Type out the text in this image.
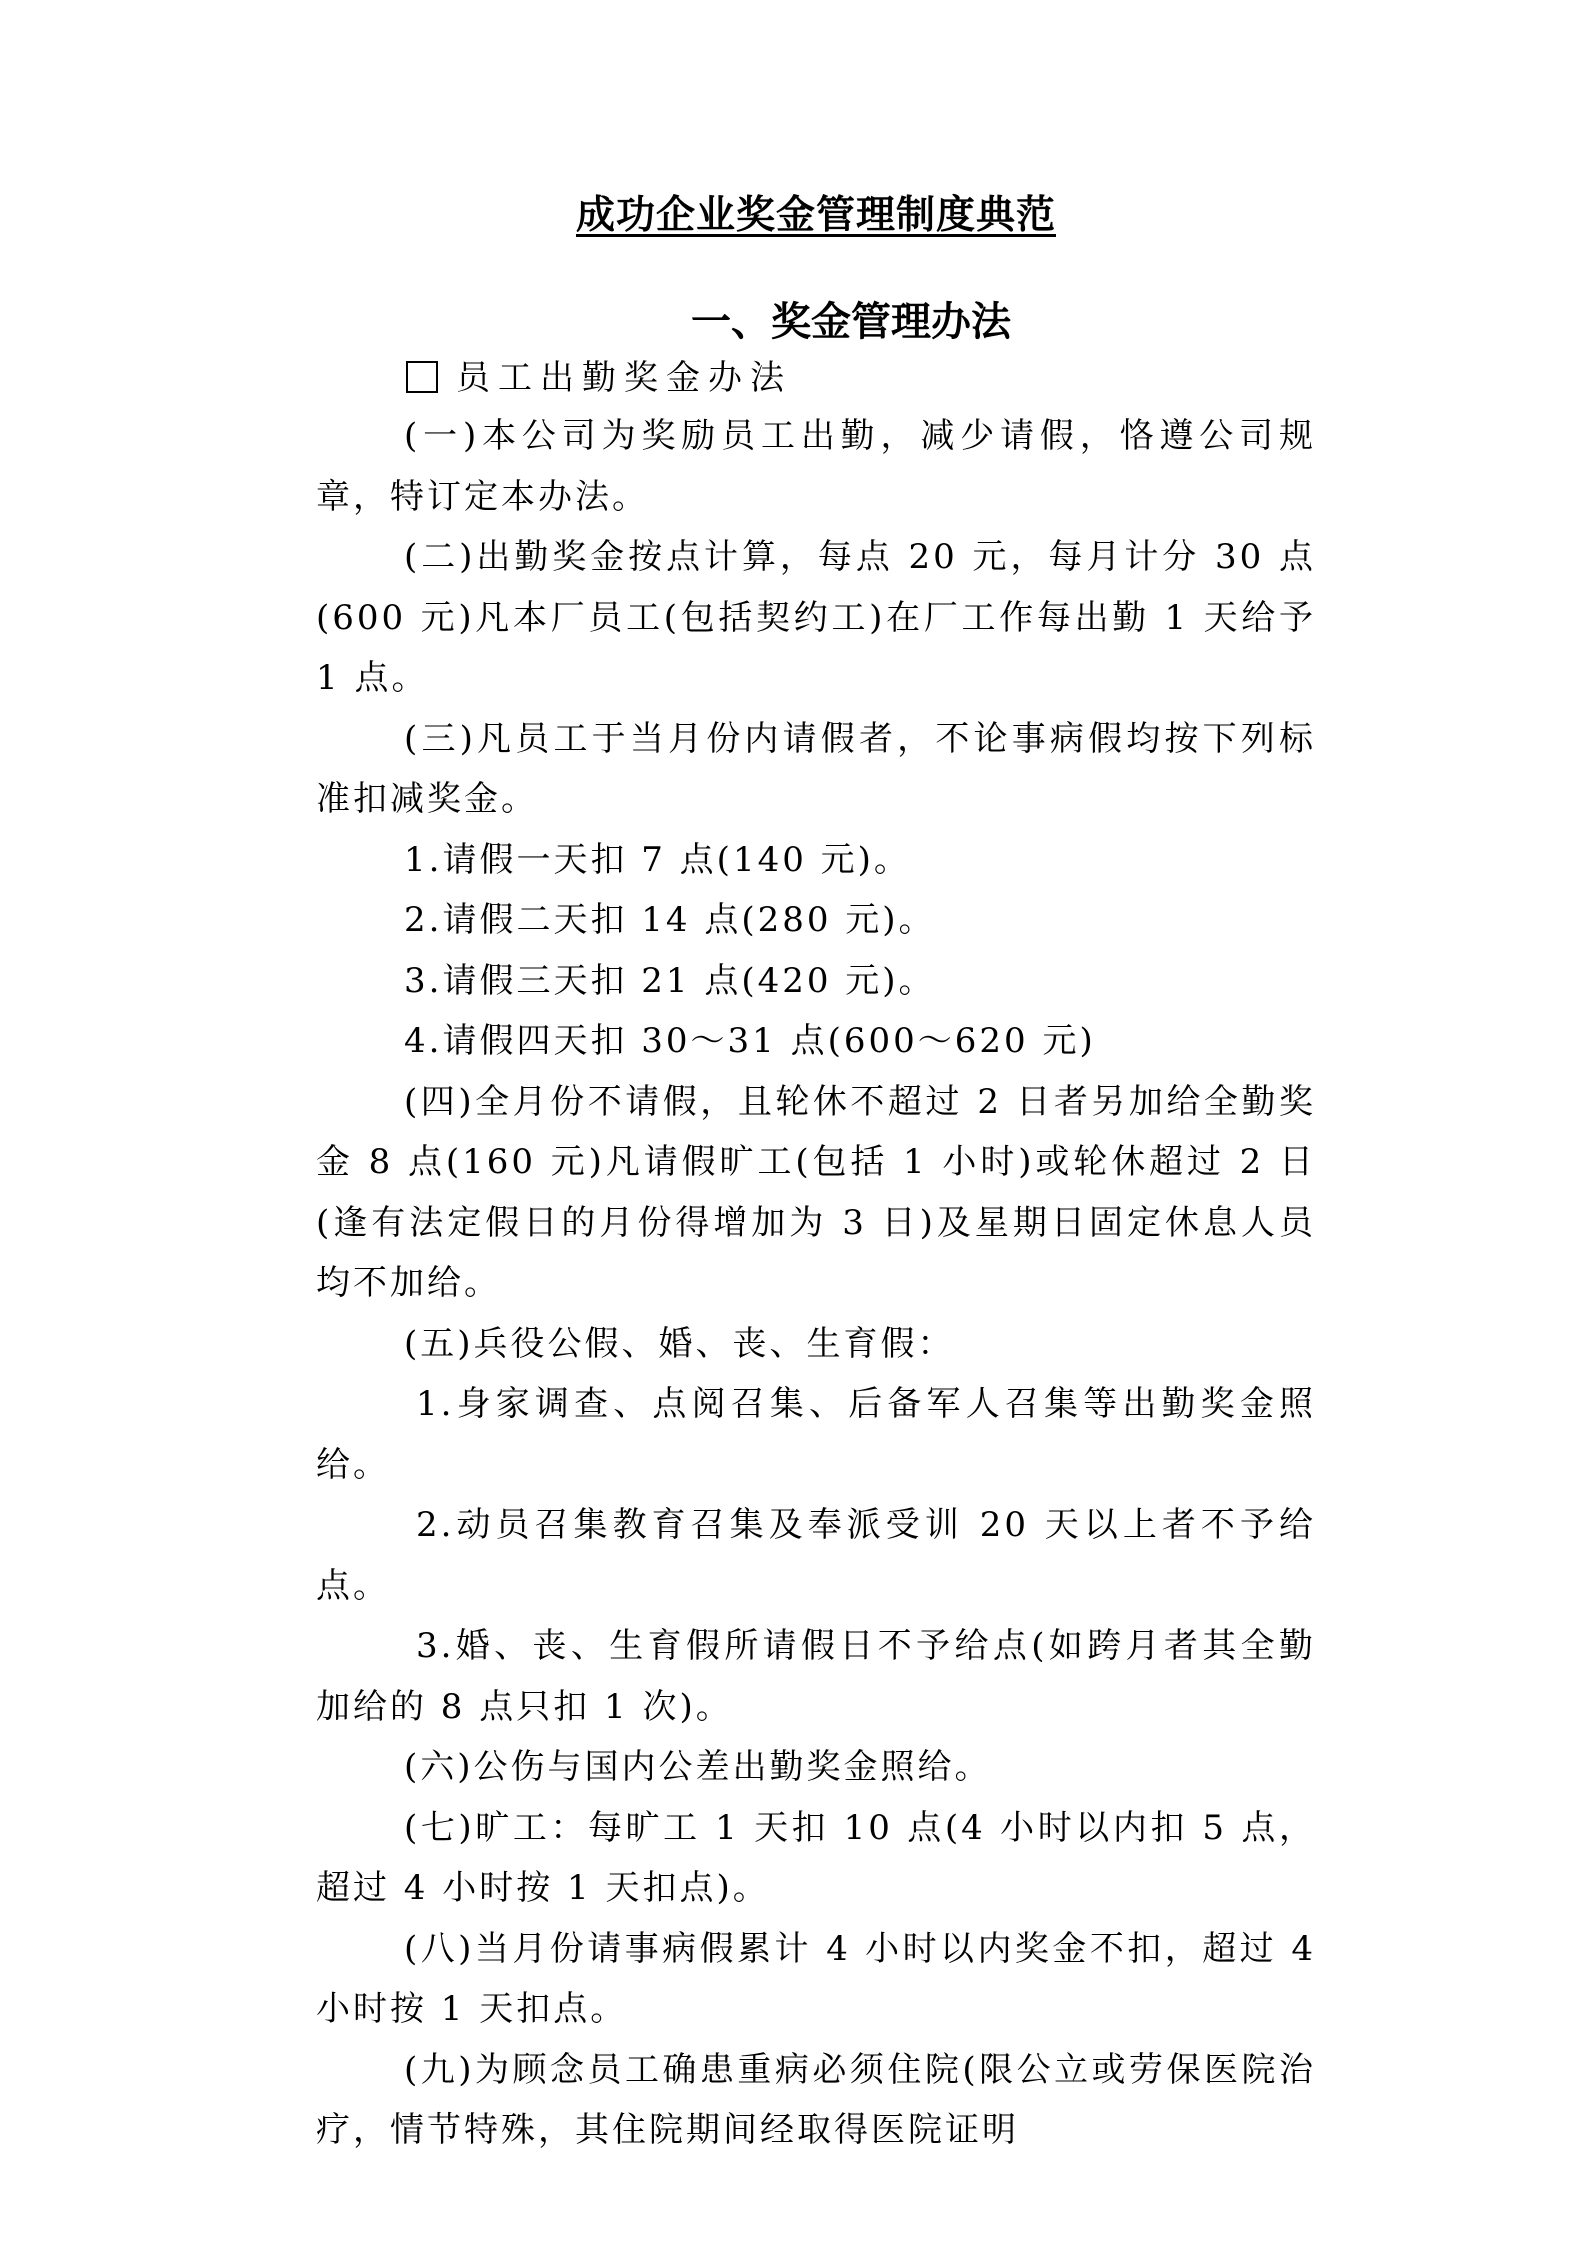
成功企业奖金管理制度典范
一、奖金管理办法

员工出勤奖金办法

(一)本公司为奖励员工出勤，减少请假，恪遵公司规章，特订定本办法。

(二)出勤奖金按点计算，每点 20 元，每月计分 30 点(600 元)凡本厂员工(包括契约工)在厂工作每出勤 1 天给予 1 点。

(三)凡员工于当月份内请假者，不论事病假均按下列标准扣减奖金。

1.请假一天扣 7 点(140 元)。

2.请假二天扣 14 点(280 元)。

3.请假三天扣 21 点(420 元)。

4.请假四天扣 30～31 点(600～620 元)

(四)全月份不请假，且轮休不超过 2 日者另加给全勤奖金 8 点(160 元)凡请假旷工(包括 1 小时)或轮休超过 2 日(逢有法定假日的月份得增加为 3 日)及星期日固定休息人员均不加给。

(五)兵役公假、婚、丧、生育假：

1.身家调查、点阅召集、后备军人召集等出勤奖金照给。

2.动员召集教育召集及奉派受训 20 天以上者不予给点。

3.婚、丧、生育假所请假日不予给点(如跨月者其全勤加给的 8 点只扣 1 次)。

(六)公伤与国内公差出勤奖金照给。

(七)旷工：每旷工 1 天扣 10 点(4 小时以内扣 5 点，超过 4 小时按 1 天扣点)。

(八)当月份请事病假累计 4 小时以内奖金不扣，超过 4 小时按 1 天扣点。

(九)为顾念员工确患重病必须住院(限公立或劳保医院治疗，情节特殊，其住院期间经取得医院证明
